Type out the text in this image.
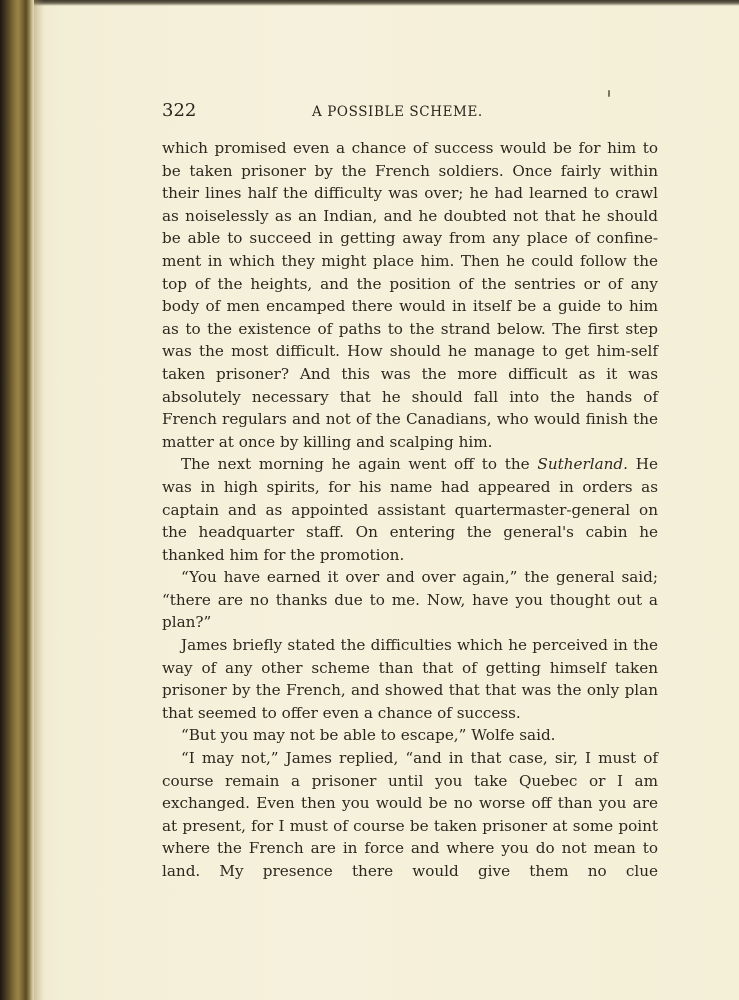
322	A POSSIBLE SCHEME.

which promised even a chance of success would be for him to be taken prisoner by the French soldiers. Once fairly within their lines half the difficulty was over; he had learned to crawl as noiselessly as an Indian, and he doubted not that he should be able to succeed in getting away from any place of confine-ment in which they might place him. Then he could follow the top of the heights, and the position of the sentries or of any body of men encamped there would in itself be a guide to him as to the existence of paths to the strand below. The first step was the most difficult. How should he manage to get him-self taken prisoner? And this was the more difficult as it was absolutely necessary that he should fall into the hands of French regulars and not of the Canadians, who would finish the matter at once by killing and scalping him.

The next morning he again went off to the Sutherland. He was in high spirits, for his name had appeared in orders as captain and as appointed assistant quartermaster-general on the headquarter staff. On entering the general's cabin he thanked him for the promotion.

“You have earned it over and over again,” the general said; “there are no thanks due to me. Now, have you thought out a plan?”

James briefly stated the difficulties which he perceived in the way of any other scheme than that of getting himself taken prisoner by the French, and showed that that was the only plan that seemed to offer even a chance of success.

“But you may not be able to escape,” Wolfe said.

“I may not,” James replied, “and in that case, sir, I must of course remain a prisoner until you take Quebec or I am exchanged. Even then you would be no worse off than you are at present, for I must of course be taken prisoner at some point where the French are in force and where you do not mean to land. My presence there would give them no clue
